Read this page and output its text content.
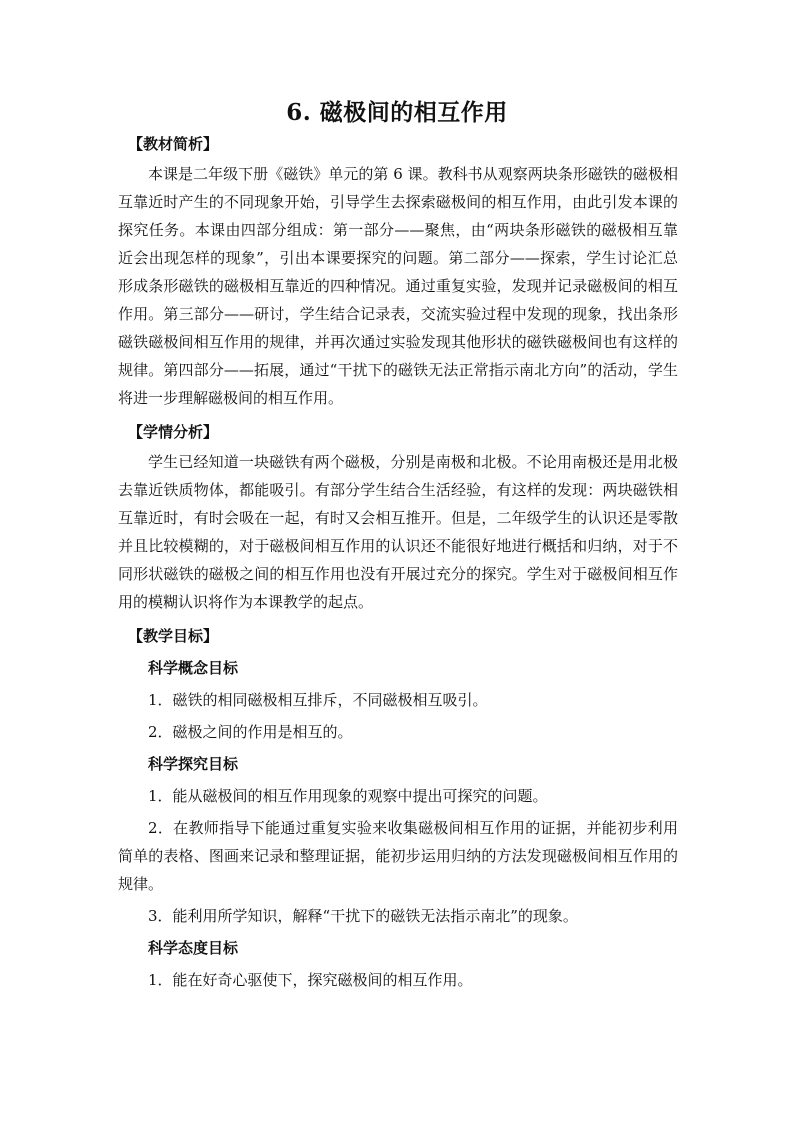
6. 磁极间的相互作用
【教材简析】

本课是二年级下册《磁铁》单元的第 6 课。教科书从观察两块条形磁铁的磁极相互靠近时产生的不同现象开始，引导学生去探索磁极间的相互作用，由此引发本课的探究任务。本课由四部分组成：第一部分——聚焦，由“两块条形磁铁的磁极相互靠近会出现怎样的现象”，引出本课要探究的问题。第二部分——探索，学生讨论汇总形成条形磁铁的磁极相互靠近的四种情况。通过重复实验，发现并记录磁极间的相互作用。第三部分——研讨，学生结合记录表，交流实验过程中发现的现象，找出条形磁铁磁极间相互作用的规律，并再次通过实验发现其他形状的磁铁磁极间也有这样的规律。第四部分——拓展，通过“干扰下的磁铁无法正常指示南北方向”的活动，学生将进一步理解磁极间的相互作用。

【学情分析】

学生已经知道一块磁铁有两个磁极，分别是南极和北极。不论用南极还是用北极去靠近铁质物体，都能吸引。有部分学生结合生活经验，有这样的发现：两块磁铁相互靠近时，有时会吸在一起，有时又会相互推开。但是，二年级学生的认识还是零散并且比较模糊的，对于磁极间相互作用的认识还不能很好地进行概括和归纳，对于不同形状磁铁的磁极之间的相互作用也没有开展过充分的探究。学生对于磁极间相互作用的模糊认识将作为本课教学的起点。

【教学目标】
科学概念目标
1．磁铁的相同磁极相互排斥，不同磁极相互吸引。
2．磁极之间的作用是相互的。
科学探究目标
1．能从磁极间的相互作用现象的观察中提出可探究的问题。

2．在教师指导下能通过重复实验来收集磁极间相互作用的证据，并能初步利用简单的表格、图画来记录和整理证据，能初步运用归纳的方法发现磁极间相互作用的规律。

3．能利用所学知识，解释“干扰下的磁铁无法指示南北”的现象。
科学态度目标
1．能在好奇心驱使下，探究磁极间的相互作用。
